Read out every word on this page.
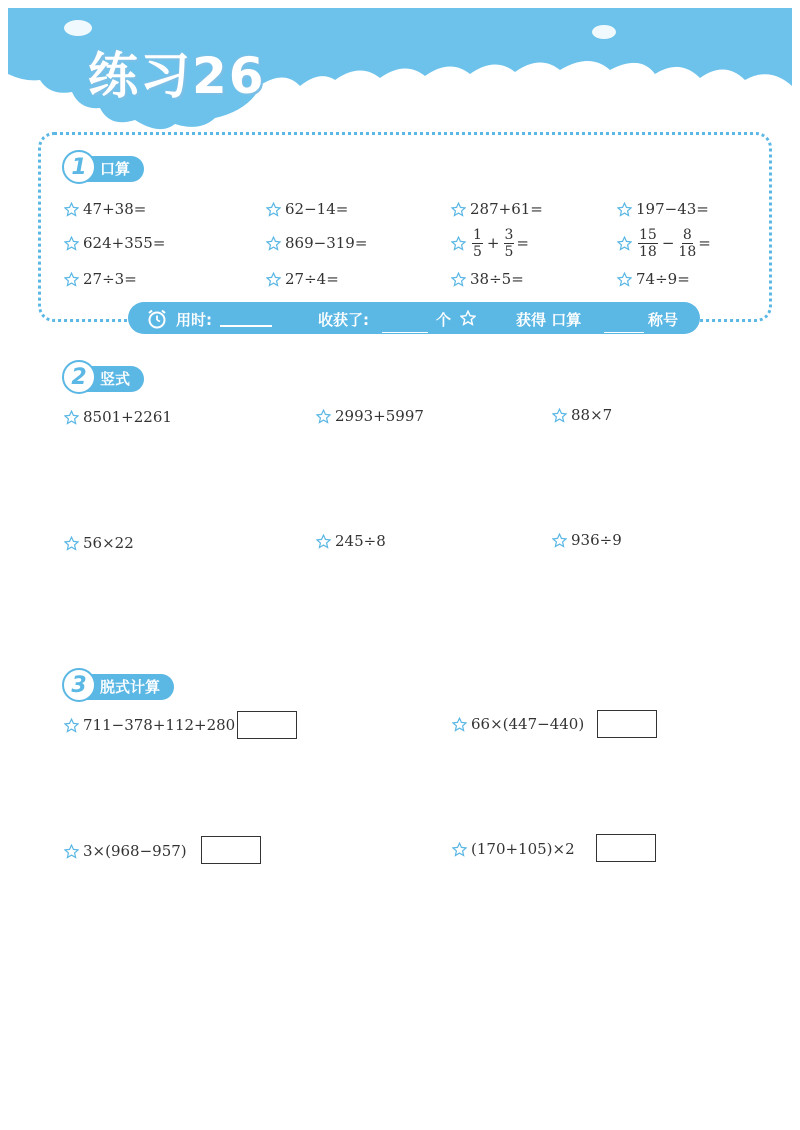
练习26
1 口算
47+38=	62−14=	287+61=	197−43=
624+355=	869−319=	$\frac{1}{5} + \frac{3}{5}$ =	$\frac{15}{18} - \frac{8}{18}$ =
27÷3=	27÷4=	38÷5=	74÷9=
用时:	收获了:	个	获得 口算	称号
2 竖式
8501+2261	2993+5997	88×7
56×22	245÷8	936÷9
3 脱式计算
711−378+112+280	66×(447−440)
3×(968−957)	(170+105)×2
